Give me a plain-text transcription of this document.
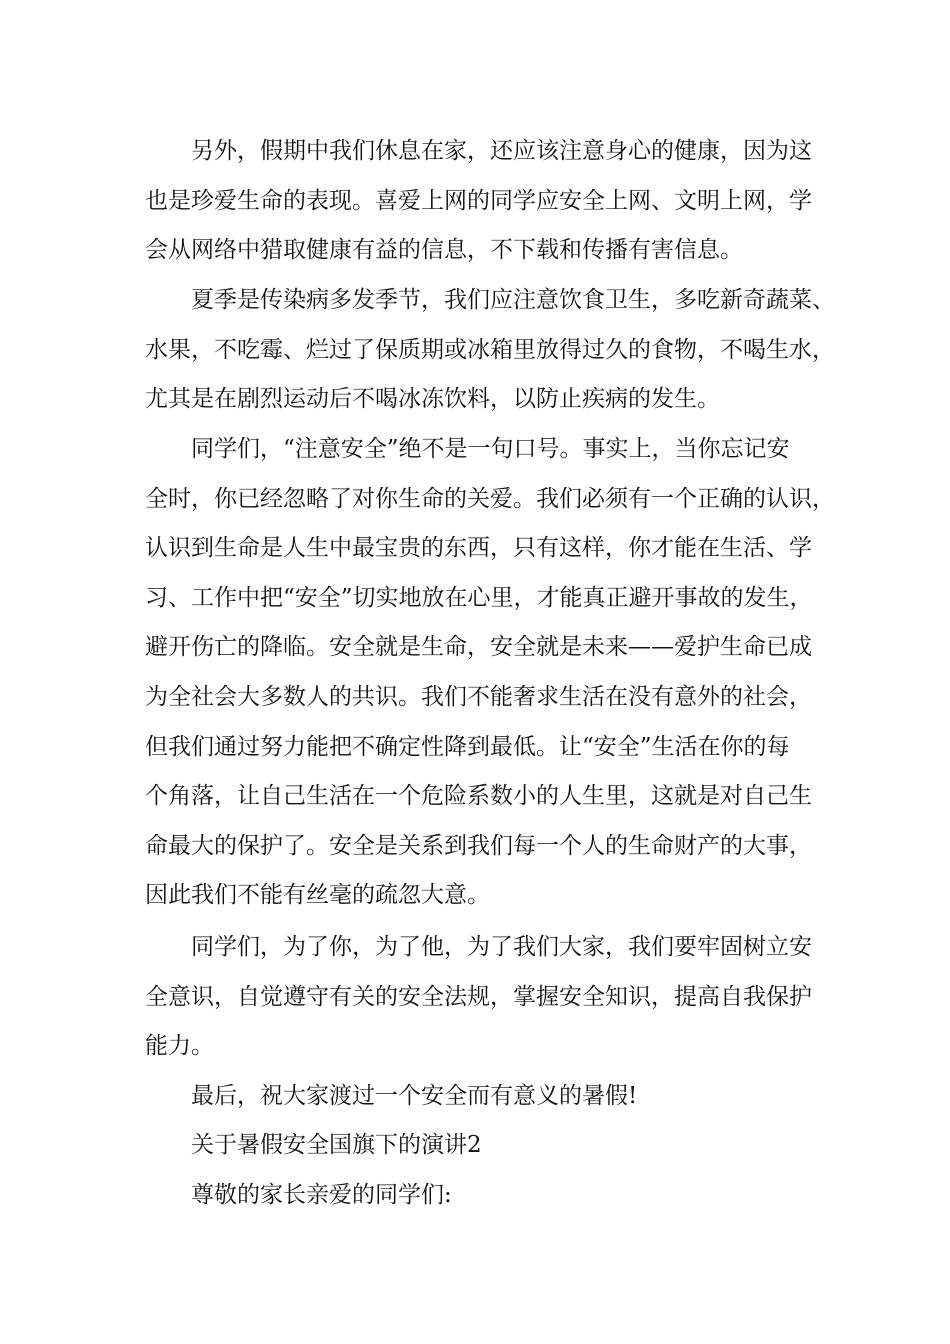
另外，假期中我们休息在家，还应该注意身心的健康，因为这
也是珍爱生命的表现。喜爱上网的同学应安全上网、文明上网，学
会从网络中猎取健康有益的信息，不下载和传播有害信息。
夏季是传染病多发季节，我们应注意饮食卫生，多吃新奇蔬菜、
水果，不吃霉、烂过了保质期或冰箱里放得过久的食物，不喝生水，
尤其是在剧烈运动后不喝冰冻饮料，以防止疾病的发生。
同学们，“注意安全”绝不是一句口号。事实上，当你忘记安
全时，你已经忽略了对你生命的关爱。我们必须有一个正确的认识，
认识到生命是人生中最宝贵的东西，只有这样，你才能在生活、学
习、工作中把“安全”切实地放在心里，才能真正避开事故的发生，
避开伤亡的降临。安全就是生命，安全就是未来——爱护生命已成
为全社会大多数人的共识。我们不能奢求生活在没有意外的社会，
但我们通过努力能把不确定性降到最低。让“安全”生活在你的每
个角落，让自己生活在一个危险系数小的人生里，这就是对自己生
命最大的保护了。安全是关系到我们每一个人的生命财产的大事，
因此我们不能有丝毫的疏忽大意。
同学们，为了你，为了他，为了我们大家，我们要牢固树立安
全意识，自觉遵守有关的安全法规，掌握安全知识，提高自我保护
能力。
最后，祝大家渡过一个安全而有意义的暑假!
关于暑假安全国旗下的演讲2
尊敬的家长亲爱的同学们:
